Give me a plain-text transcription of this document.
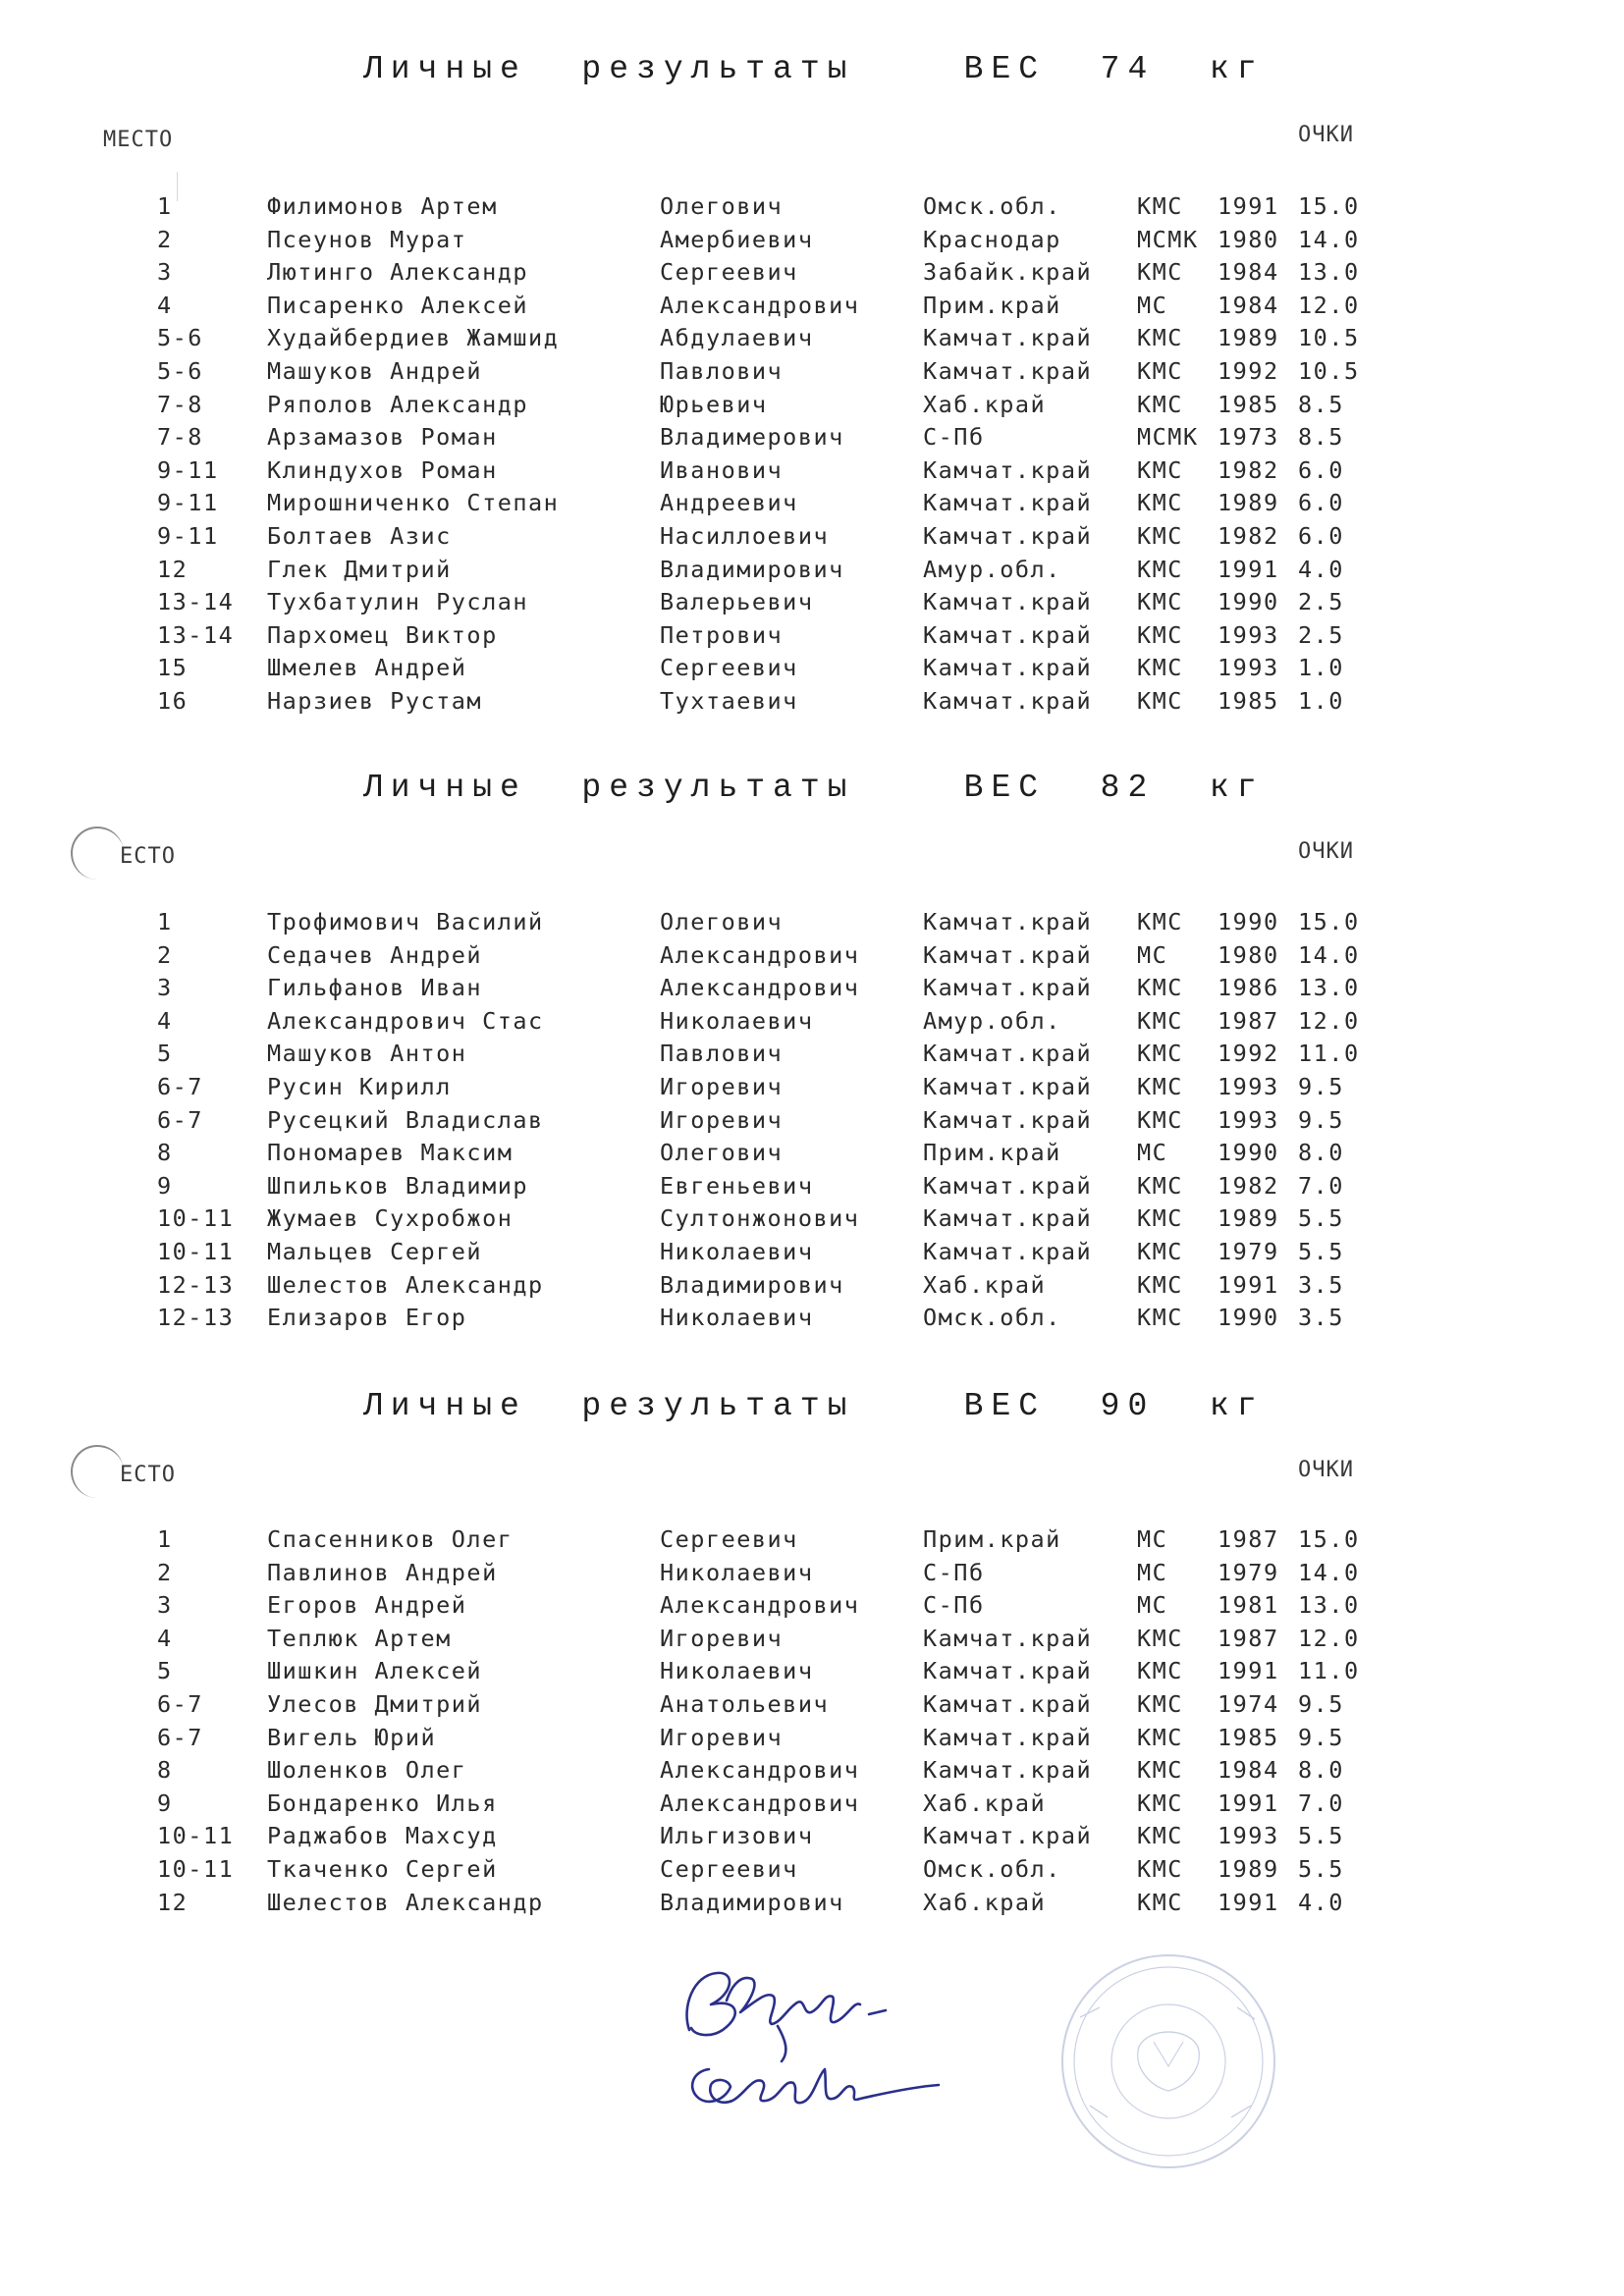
Личные  результаты    ВЕС  74  кг
МЕСТО	ОЧКИ
1	Филимонов Артем	Олегович	Омск.обл.	КМС 1991 15.0
2	Псеунов Мурат	Амербиевич	Краснодар	МСМК 1980 14.0
3	Лютинго Александр	Сергеевич	Забайк.край КМС 1984 13.0
4	Писаренко Алексей	Александрович	Прим.край	МС 1984 12.0
5-6	Худайбердиев Жамшид	Абдулаевич	Камчат.край КМС 1989 10.5
5-6	Машуков Андрей	Павлович	Камчат.край КМС 1992 10.5
7-8	Ряполов Александр	Юрьевич	Хаб.край	КМС 1985 8.5
7-8	Арзамазов Роман	Владимерович	С-Пб	МСМК 1973 8.5
9-11 Клиндухов Роман	Иванович	Камчат.край КМС 1982 6.0
9-11 Мирошниченко Степан	Андреевич	Камчат.край КМС 1989 6.0
9-11 Болтаев Азис	Насиллоевич	Камчат.край КМС 1982 6.0
12	Глек Дмитрий	Владимирович	Амур.обл.	КМС 1991 4.0
13-14 Тухбатулин Руслан	Валерьевич	Камчат.край КМС 1990 2.5
13-14 Пархомец Виктор	Петрович	Камчат.край КМС 1993 2.5
15	Шмелев Андрей	Сергеевич	Камчат.край КМС 1993 1.0
16	Нарзиев Рустам	Тухтаевич	Камчат.край КМС 1985 1.0
Личные  результаты    ВЕС  82  кг
ЕСТО	ОЧКИ
1	Трофимович Василий	Олегович	Камчат.край КМС 1990 15.0
2	Седачев Андрей	Александрович	Камчат.край МС 1980 14.0
3	Гильфанов Иван	Александрович	Камчат.край КМС 1986 13.0
4	Александрович Стас	Николаевич	Амур.обл.	КМС 1987 12.0
5	Машуков Антон	Павлович	Камчат.край КМС 1992 11.0
6-7	Русин Кирилл	Игоревич	Камчат.край КМС 1993 9.5
6-7	Русецкий Владислав	Игоревич	Камчат.край КМС 1993 9.5
8	Пономарев Максим	Олегович	Прим.край	МС 1990 8.0
9	Шпильков Владимир	Евгеньевич	Камчат.край КМС 1982 7.0
10-11 Жумаев Сухробжон	Султонжонович	Камчат.край КМС 1989 5.5
10-11 Мальцев Сергей	Николаевич	Камчат.край КМС 1979 5.5
12-13 Шелестов Александр	Владимирович	Хаб.край	КМС 1991 3.5
12-13 Елизаров Егор	Николаевич	Омск.обл.	КМС 1990 3.5
Личные  результаты    ВЕС  90  кг
ЕСТО	ОЧКИ
1	Спасенников Олег	Сергеевич	Прим.край	МС 1987 15.0
2	Павлинов Андрей	Николаевич	С-Пб	МС 1979 14.0
3	Егоров Андрей	Александрович	С-Пб	МС 1981 13.0
4	Теплюк Артем	Игоревич	Камчат.край КМС 1987 12.0
5	Шишкин Алексей	Николаевич	Камчат.край КМС 1991 11.0
6-7	Улесов Дмитрий	Анатольевич	Камчат.край КМС 1974 9.5
6-7	Вигель Юрий	Игоревич	Камчат.край КМС 1985 9.5
8	Шоленков Олег	Александрович	Камчат.край КМС 1984 8.0
9	Бондаренко Илья	Александрович	Хаб.край	КМС 1991 7.0
10-11 Раджабов Махсуд	Ильгизович	Камчат.край КМС 1993 5.5
10-11 Ткаченко Сергей	Сергеевич	Омск.обл.	КМС 1989 5.5
12	Шелестов Александр	Владимирович	Хаб.край	КМС 1991 4.0
